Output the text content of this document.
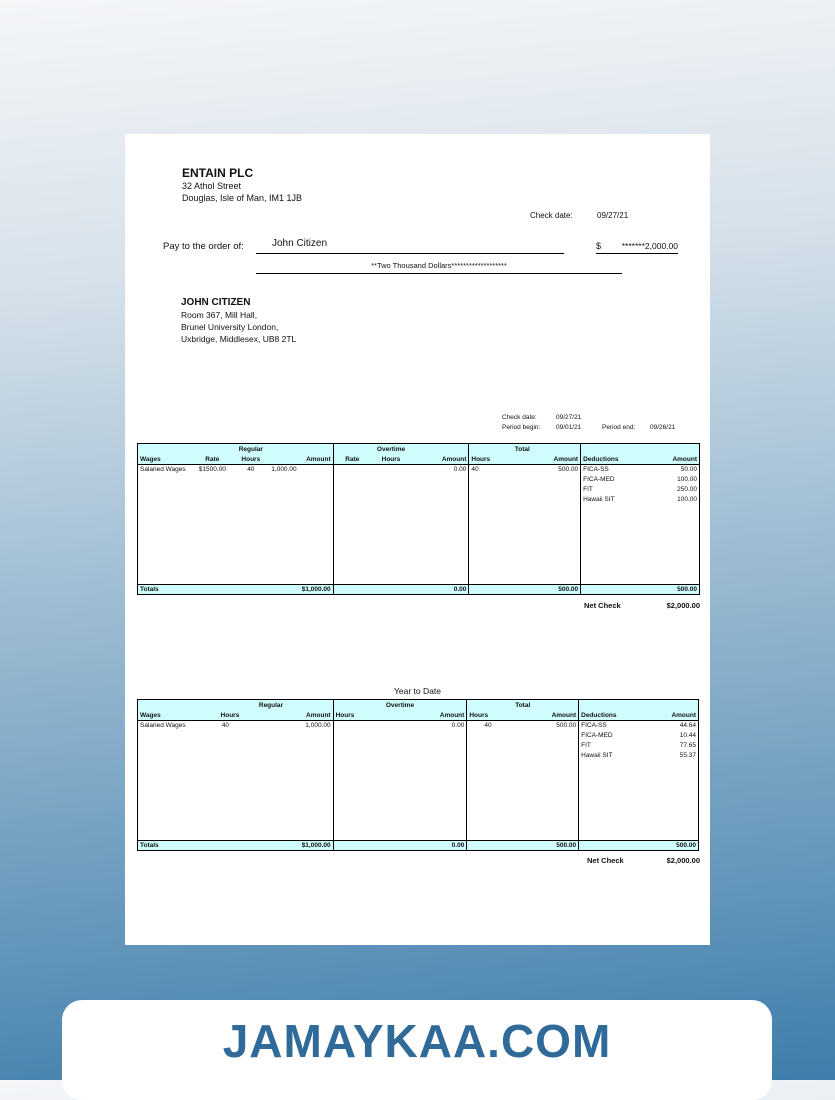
ENTAIN PLC
32 Athol Street
Douglas, Isle of Man, IM1 1JB
Check date:	09/27/21
Pay to the order of:	John Citizen	$	*******2,000.00
**Two Thousand Dollars*******************
JOHN CITIZEN
Room 367, Mill Hall,
Brunel University London,
Uxbridge, Middlesex, UB8 2TL
Check date:	09/27/21
Period begin: 09/01/21	Period end: 09/26/21
		Regular			Overtime			Total		
Wages	Rate	Hours	Amount	Rate	Hours	Amount	Hours	Amount	Deductions	Amount
Salaried Wages	$1500.00	40	1,000.00			0.00	40	500.00	FICA-SS	50.00
									FICA-MED	100.00
									FIT	250.00
									Hawaii SIT	100.00

Totals			$1,000.00			0.00		500.00		500.00
Net Check	$2,000.00
Year to Date
	Regular		Overtime		Total			
Wages	Hours	Amount	Hours	Amount	Hours	Amount	Deductions	Amount
Salaried Wages	40	1,000.00		0.00	40	500.00	FICA-SS	44.64
							FICA-MED	10.44
							FIT	77.65
							Hawaii SIT	55.37

Totals		$1,000.00		0.00		500.00		500.00
Net Check	$2,000.00
JAMAYKAA.COM
